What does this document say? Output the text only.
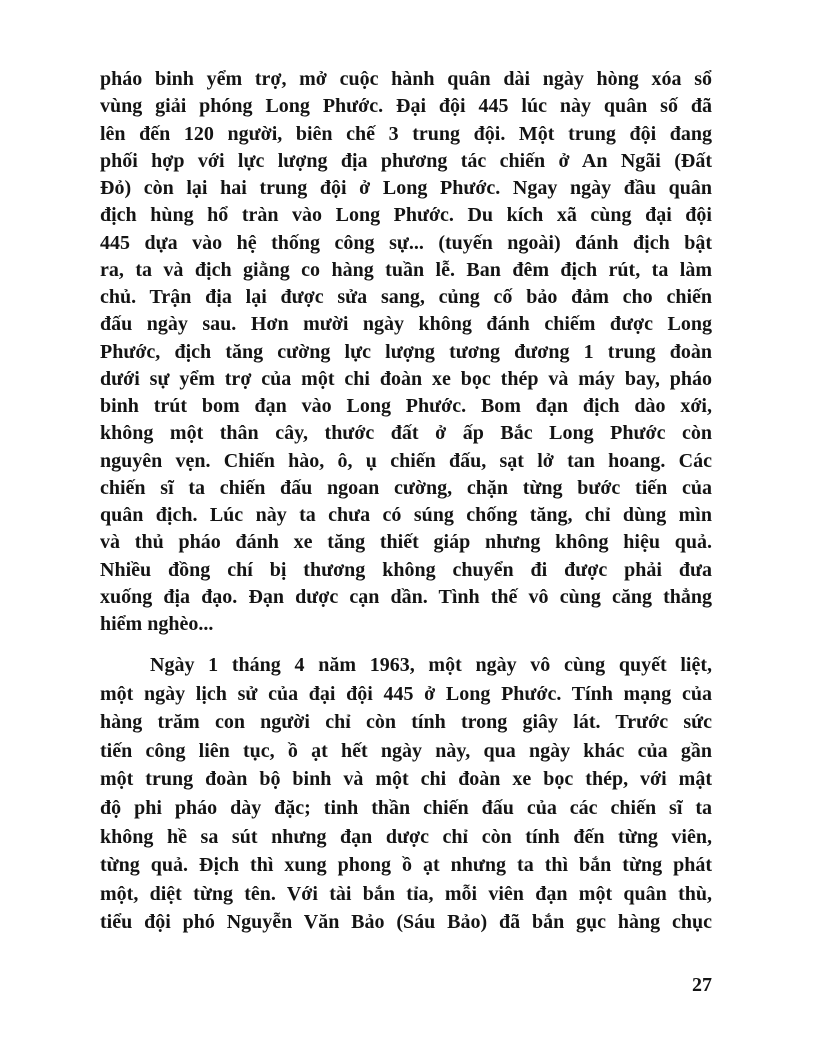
pháo binh yểm trợ, mở cuộc hành quân dài ngày hòng xóa sổ
vùng giải phóng Long Phước. Đại đội 445 lúc này quân số đã
lên đến 120 người, biên chế 3 trung đội. Một trung đội đang
phối hợp với lực lượng địa phương tác chiến ở An Ngãi (Đất
Đỏ) còn lại hai trung đội ở Long Phước. Ngay ngày đầu quân
địch hùng hổ tràn vào Long Phước. Du kích xã cùng đại đội
445 dựa vào hệ thống công sự... (tuyến ngoài) đánh địch bật
ra, ta và địch giằng co hàng tuần lễ. Ban đêm địch rút, ta làm
chủ. Trận địa lại được sửa sang, củng cố bảo đảm cho chiến
đấu ngày sau. Hơn mười ngày không đánh chiếm được Long
Phước, địch tăng cường lực lượng tương đương 1 trung đoàn
dưới sự yểm trợ của một chi đoàn xe bọc thép và máy bay, pháo
binh trút bom đạn vào Long Phước. Bom đạn địch dào xới,
không một thân cây, thước đất ở ấp Bắc Long Phước còn
nguyên vẹn. Chiến hào, ô, ụ chiến đấu, sạt lở tan hoang. Các
chiến sĩ ta chiến đấu ngoan cường, chặn từng bước tiến của
quân địch. Lúc này ta chưa có súng chống tăng, chỉ dùng mìn
và thủ pháo đánh xe tăng thiết giáp nhưng không hiệu quả.
Nhiều đồng chí bị thương không chuyển đi được phải đưa
xuống địa đạo. Đạn dược cạn dần. Tình thế vô cùng căng thẳng
hiểm nghèo...
Ngày 1 tháng 4 năm 1963, một ngày vô cùng quyết liệt,
một ngày lịch sử của đại đội 445 ở Long Phước. Tính mạng của
hàng trăm con người chỉ còn tính trong giây lát. Trước sức
tiến công liên tục, ồ ạt hết ngày này, qua ngày khác của gần
một trung đoàn bộ binh và một chi đoàn xe bọc thép, với mật
độ phi pháo dày đặc; tinh thần chiến đấu của các chiến sĩ ta
không hề sa sút nhưng đạn dược chỉ còn tính đến từng viên,
từng quả. Địch thì xung phong ồ ạt nhưng ta thì bắn từng phát
một, diệt từng tên. Với tài bắn tỉa, mỗi viên đạn một quân thù,
tiểu đội phó Nguyễn Văn Bảo (Sáu Bảo) đã bắn gục hàng chục
27
